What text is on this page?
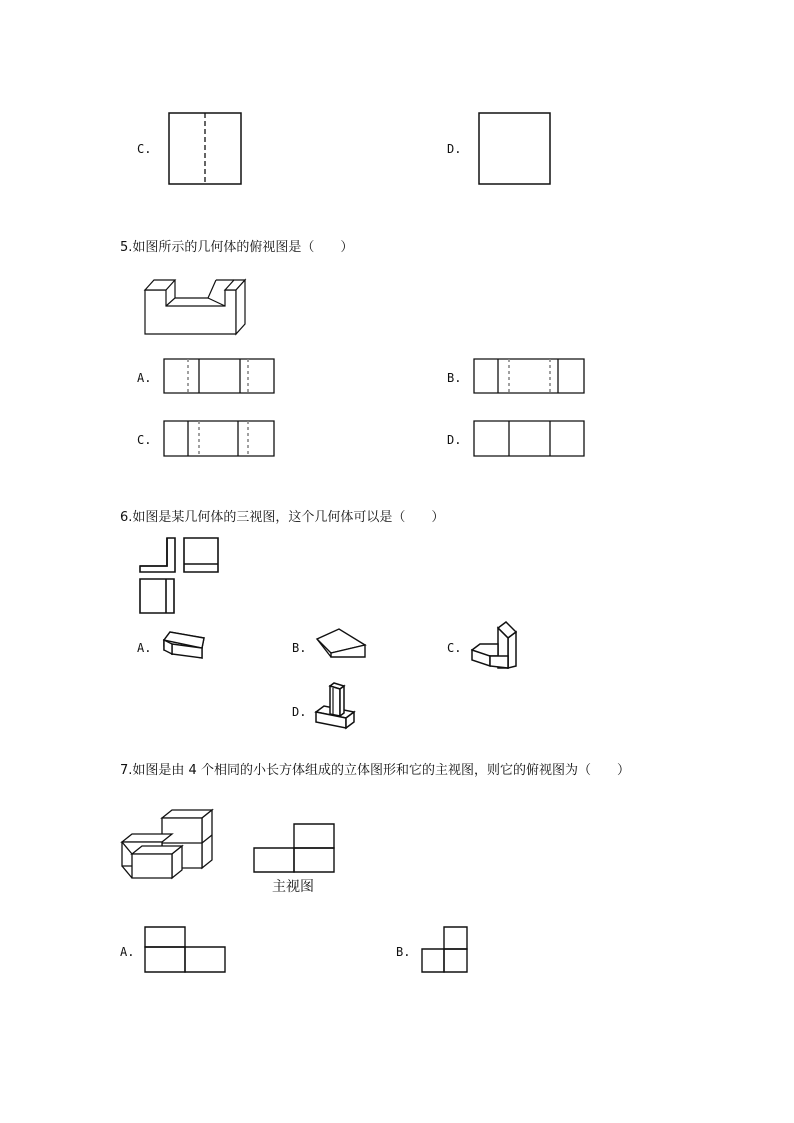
C.	D.
5.如图所示的几何体的俯视图是（　　）
A.	B.
C.	D.
6.如图是某几何体的三视图，这个几何体可以是（　　）
A.	B.	C.
D.
7.如图是由 4 个相同的小长方体组成的立体图形和它的主视图，则它的俯视图为（　　）
主视图
A.	B.
